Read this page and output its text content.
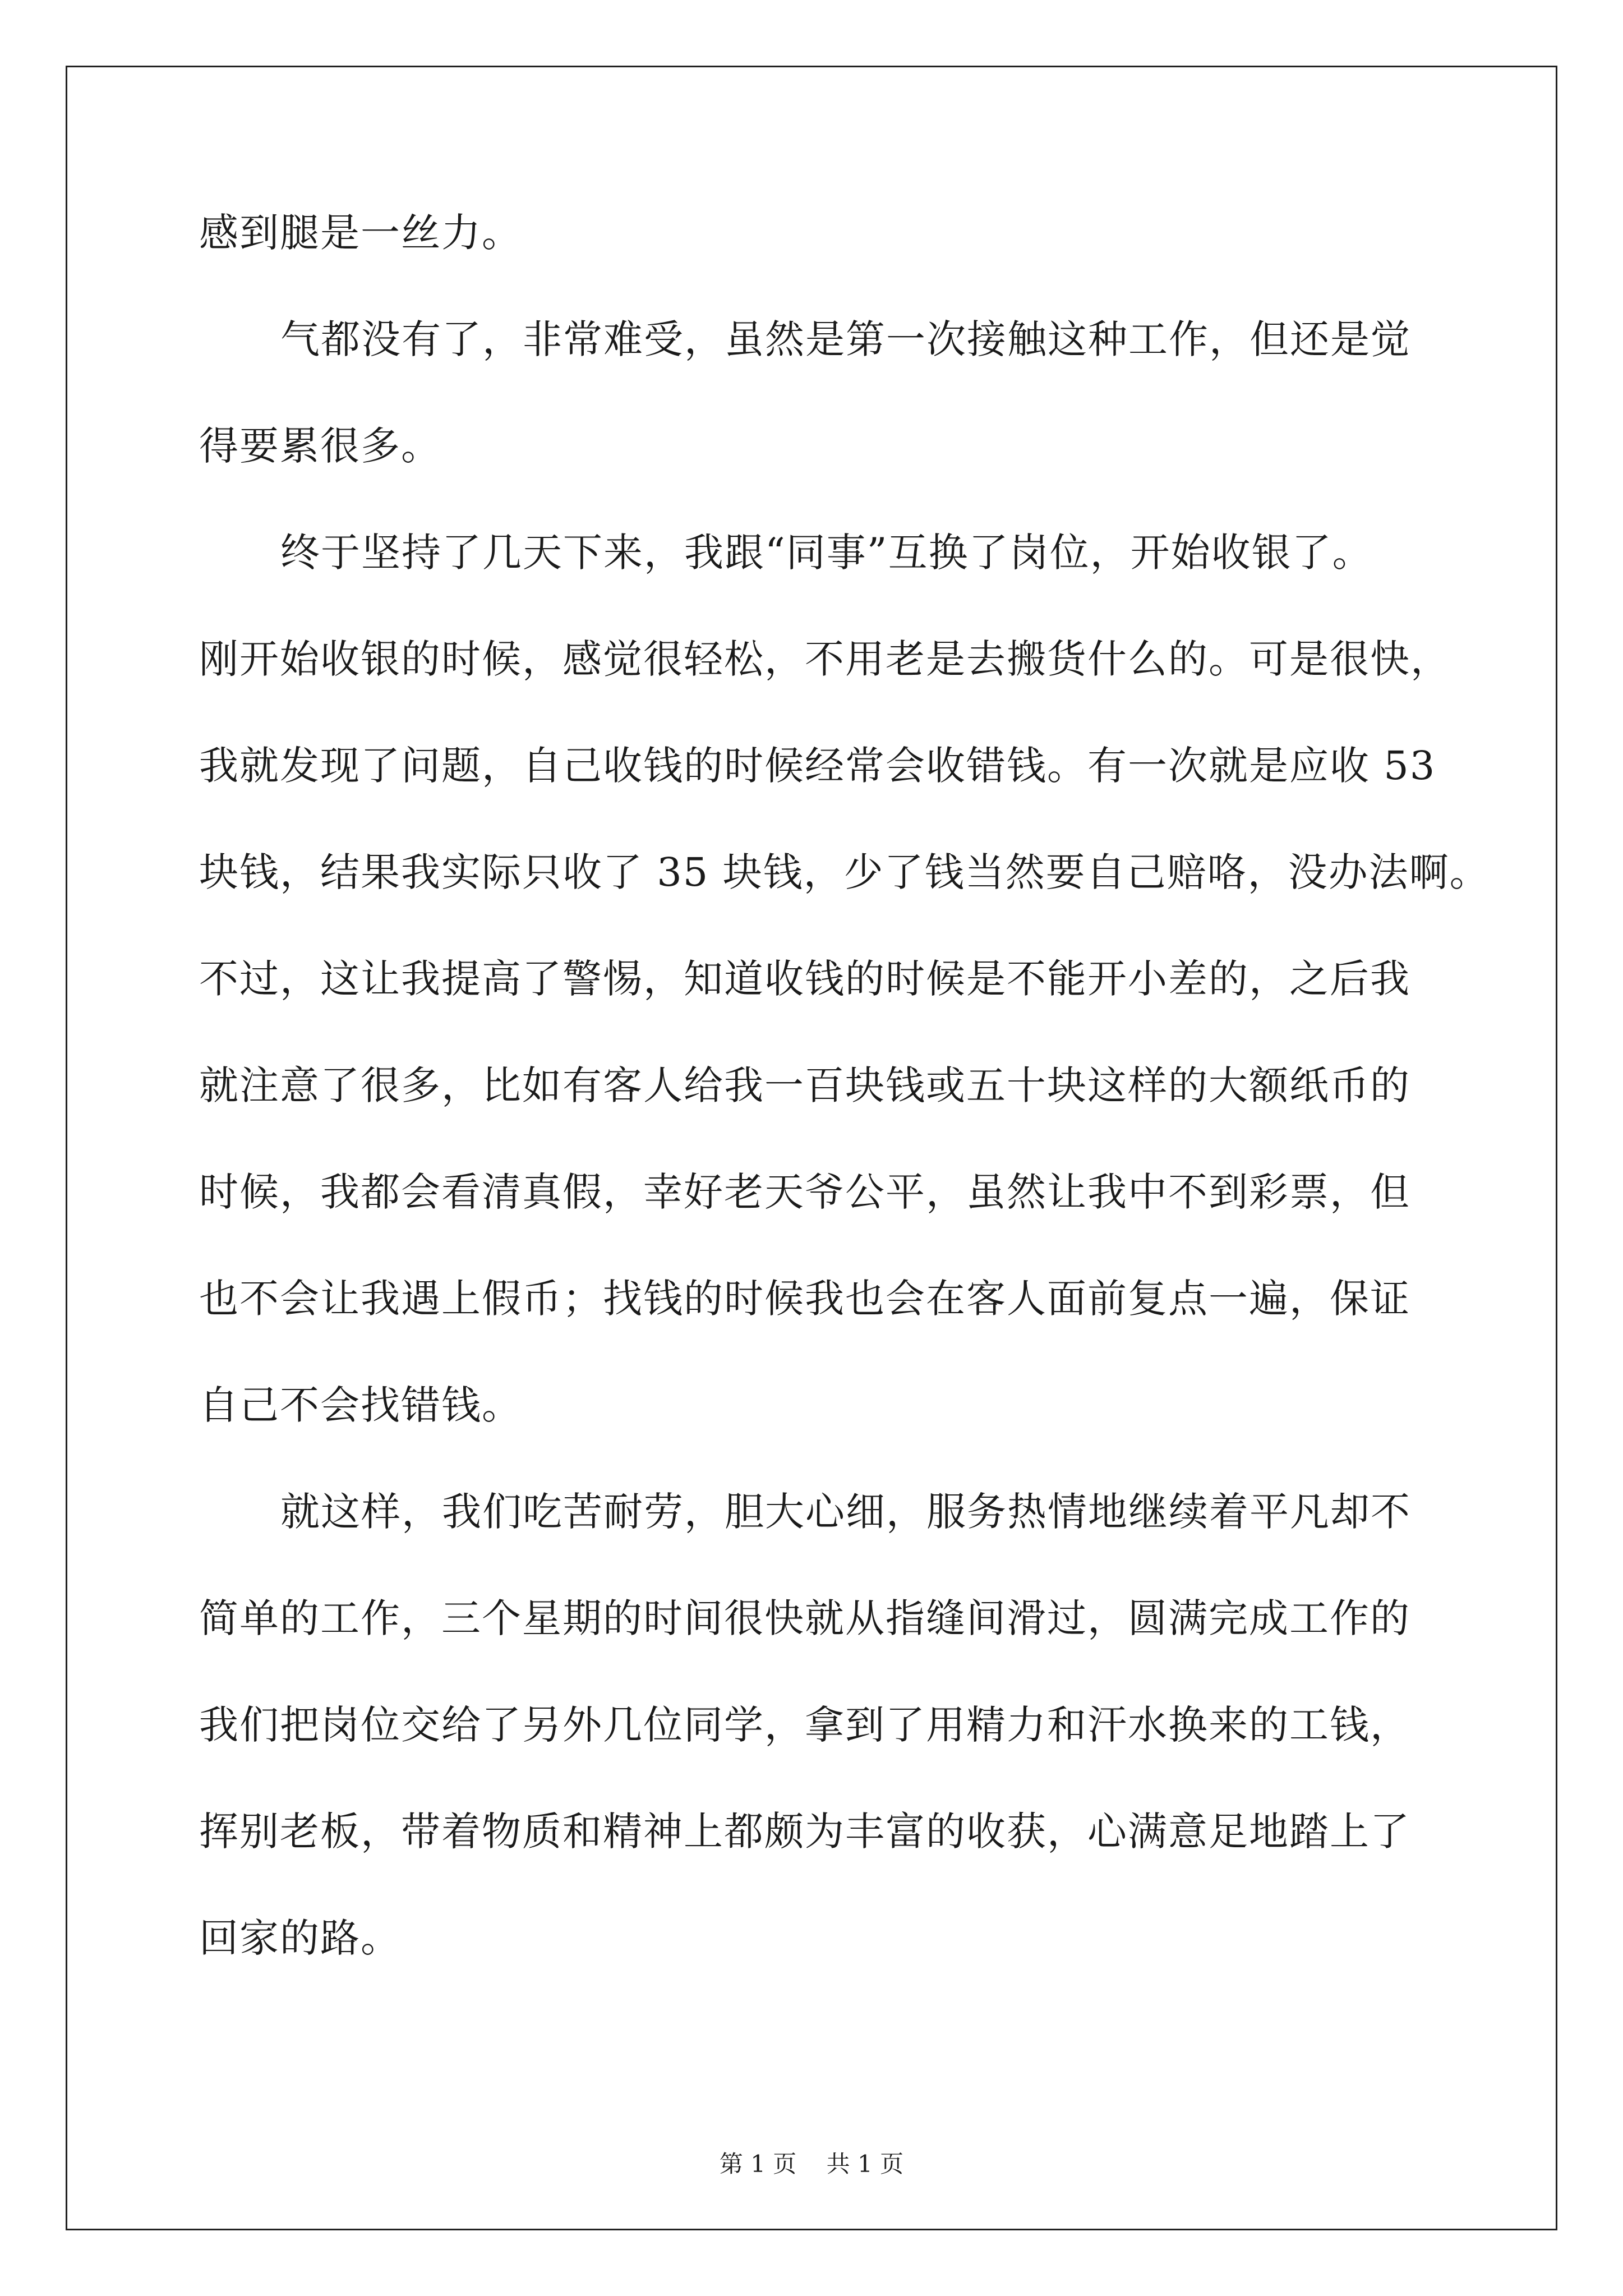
感到腿是一丝力。
气都没有了，非常难受，虽然是第一次接触这种工作，但还是觉
得要累很多。
终于坚持了几天下来，我跟“同事”互换了岗位，开始收银了。
刚开始收银的时候，感觉很轻松，不用老是去搬货什么的。可是很快，
我就发现了问题，自己收钱的时候经常会收错钱。有一次就是应收 53
块钱，结果我实际只收了 35 块钱，少了钱当然要自己赔咯，没办法啊。
不过，这让我提高了警惕，知道收钱的时候是不能开小差的，之后我
就注意了很多，比如有客人给我一百块钱或五十块这样的大额纸币的
时候，我都会看清真假，幸好老天爷公平，虽然让我中不到彩票，但
也不会让我遇上假币；找钱的时候我也会在客人面前复点一遍，保证
自己不会找错钱。
就这样，我们吃苦耐劳，胆大心细，服务热情地继续着平凡却不
简单的工作，三个星期的时间很快就从指缝间滑过，圆满完成工作的
我们把岗位交给了另外几位同学，拿到了用精力和汗水换来的工钱，
挥别老板，带着物质和精神上都颇为丰富的收获，心满意足地踏上了
回家的路。
第 1 页 共 1 页
